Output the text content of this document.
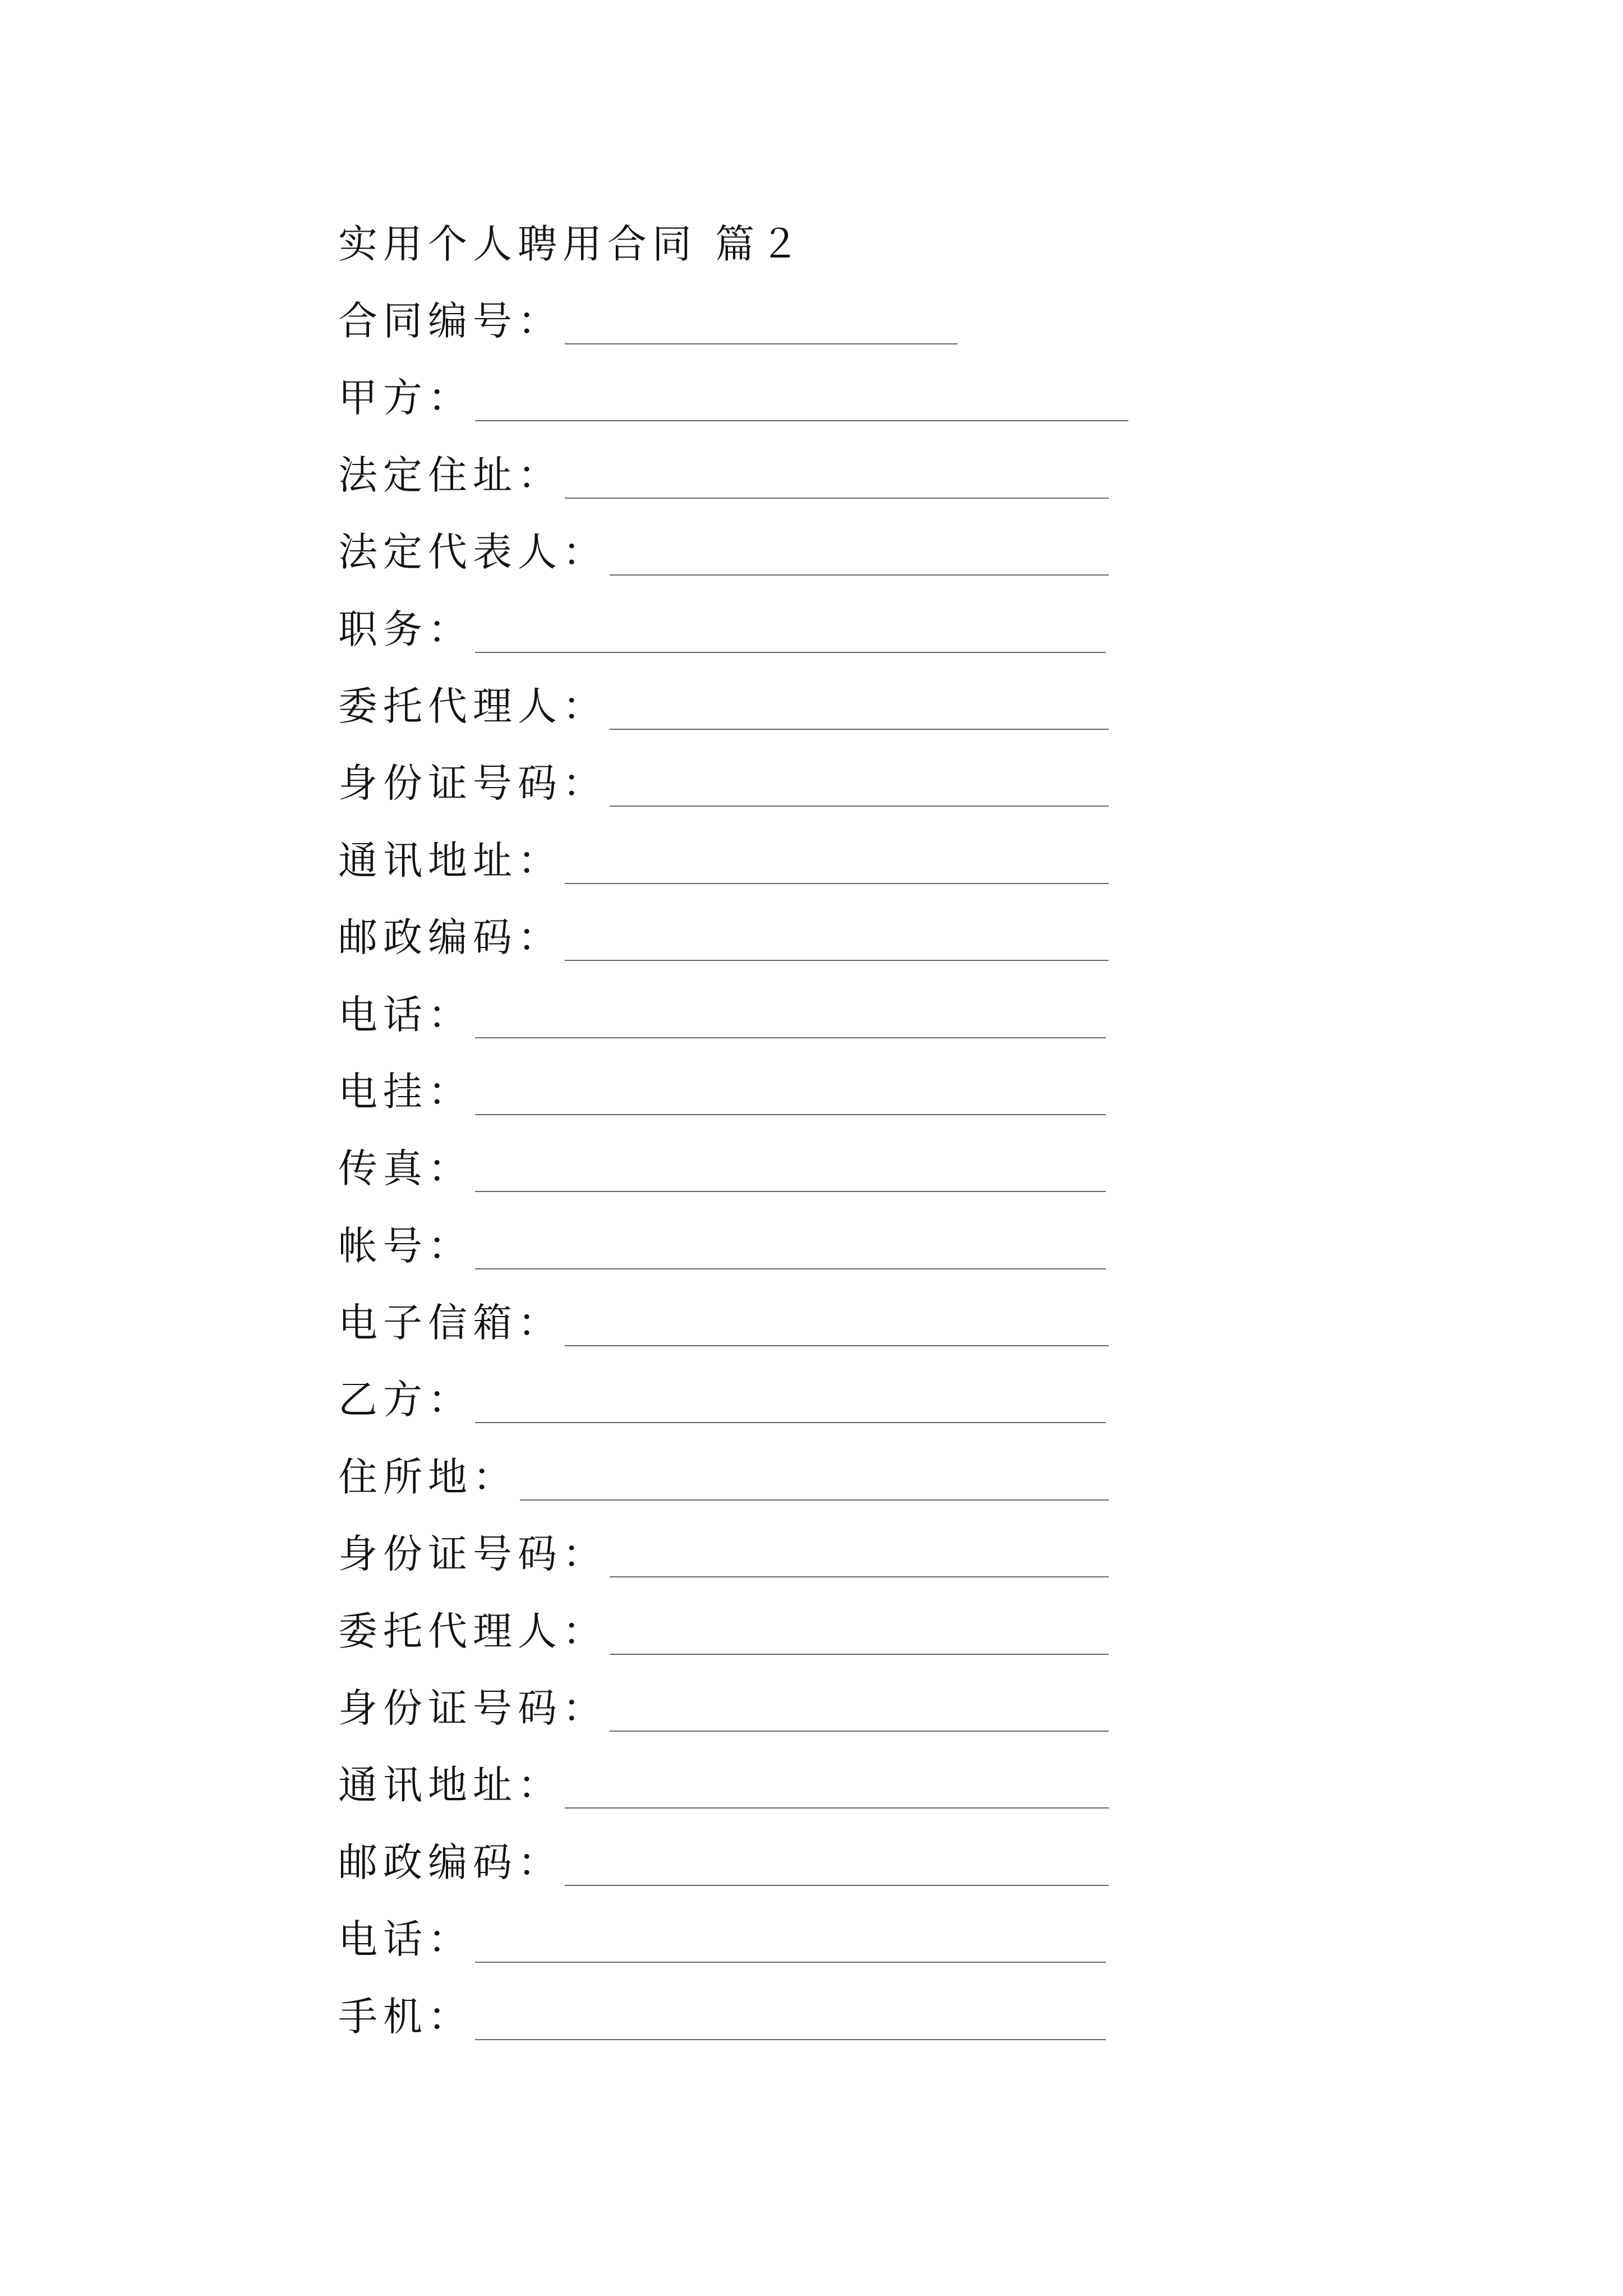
实用个人聘用合同 篇２
合同编号：
甲方：
法定住址：
法定代表人：
职务：
委托代理人：
身份证号码：
通讯地址：
邮政编码：
电话：
电挂：
传真：
帐号：
电子信箱：
乙方：
住所地：
身份证号码：
委托代理人：
身份证号码：
通讯地址：
邮政编码：
电话：
手机：
